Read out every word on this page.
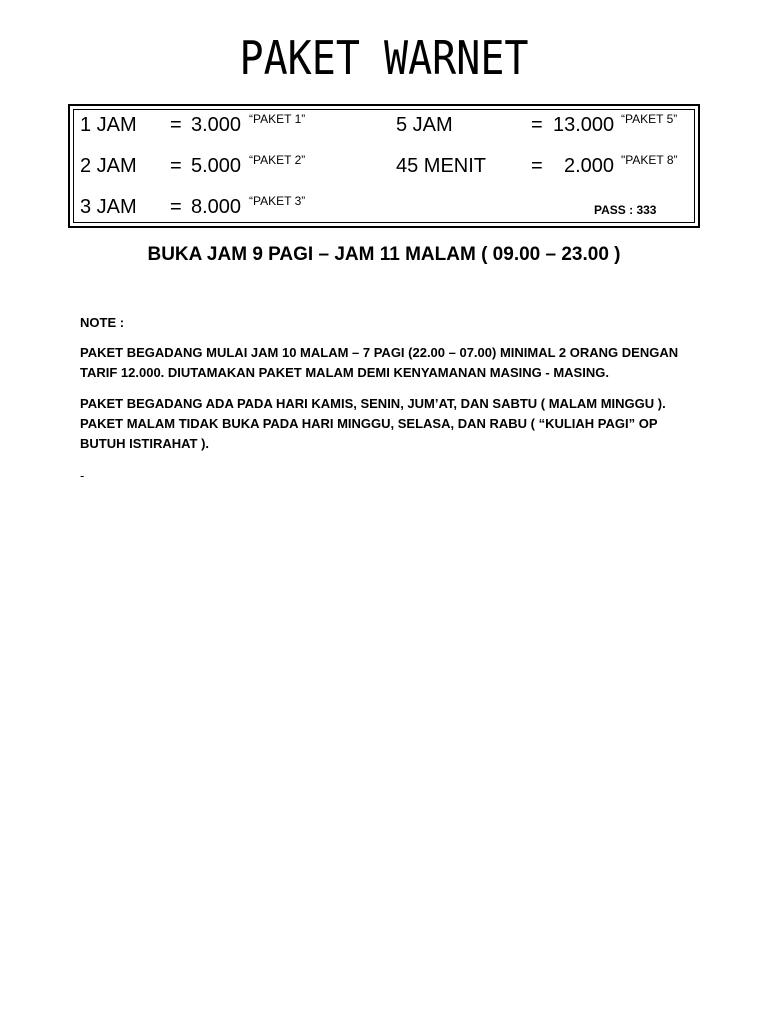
PAKET WARNET
1 JAM = 3.000 “PAKET 1”
2 JAM = 5.000 “PAKET 2”
3 JAM = 8.000 “PAKET 3”
5 JAM	= 13.000 “PAKET 5”
45 MENIT = 2.000 "PAKET 8”
PASS : 333
BUKA JAM 9 PAGI – JAM 11 MALAM ( 09.00 – 23.00 )
NOTE :
PAKET BEGADANG MULAI JAM 10 MALAM – 7 PAGI (22.00 – 07.00) MINIMAL 2 ORANG DENGAN TARIF 12.000. DIUTAMAKAN PAKET MALAM DEMI KENYAMANAN MASING - MASING.
PAKET BEGADANG ADA PADA HARI KAMIS, SENIN, JUM’AT, DAN SABTU ( MALAM MINGGU ). PAKET MALAM TIDAK BUKA PADA HARI MINGGU, SELASA, DAN RABU ( “KULIAH PAGI” OP BUTUH ISTIRAHAT ).
-
